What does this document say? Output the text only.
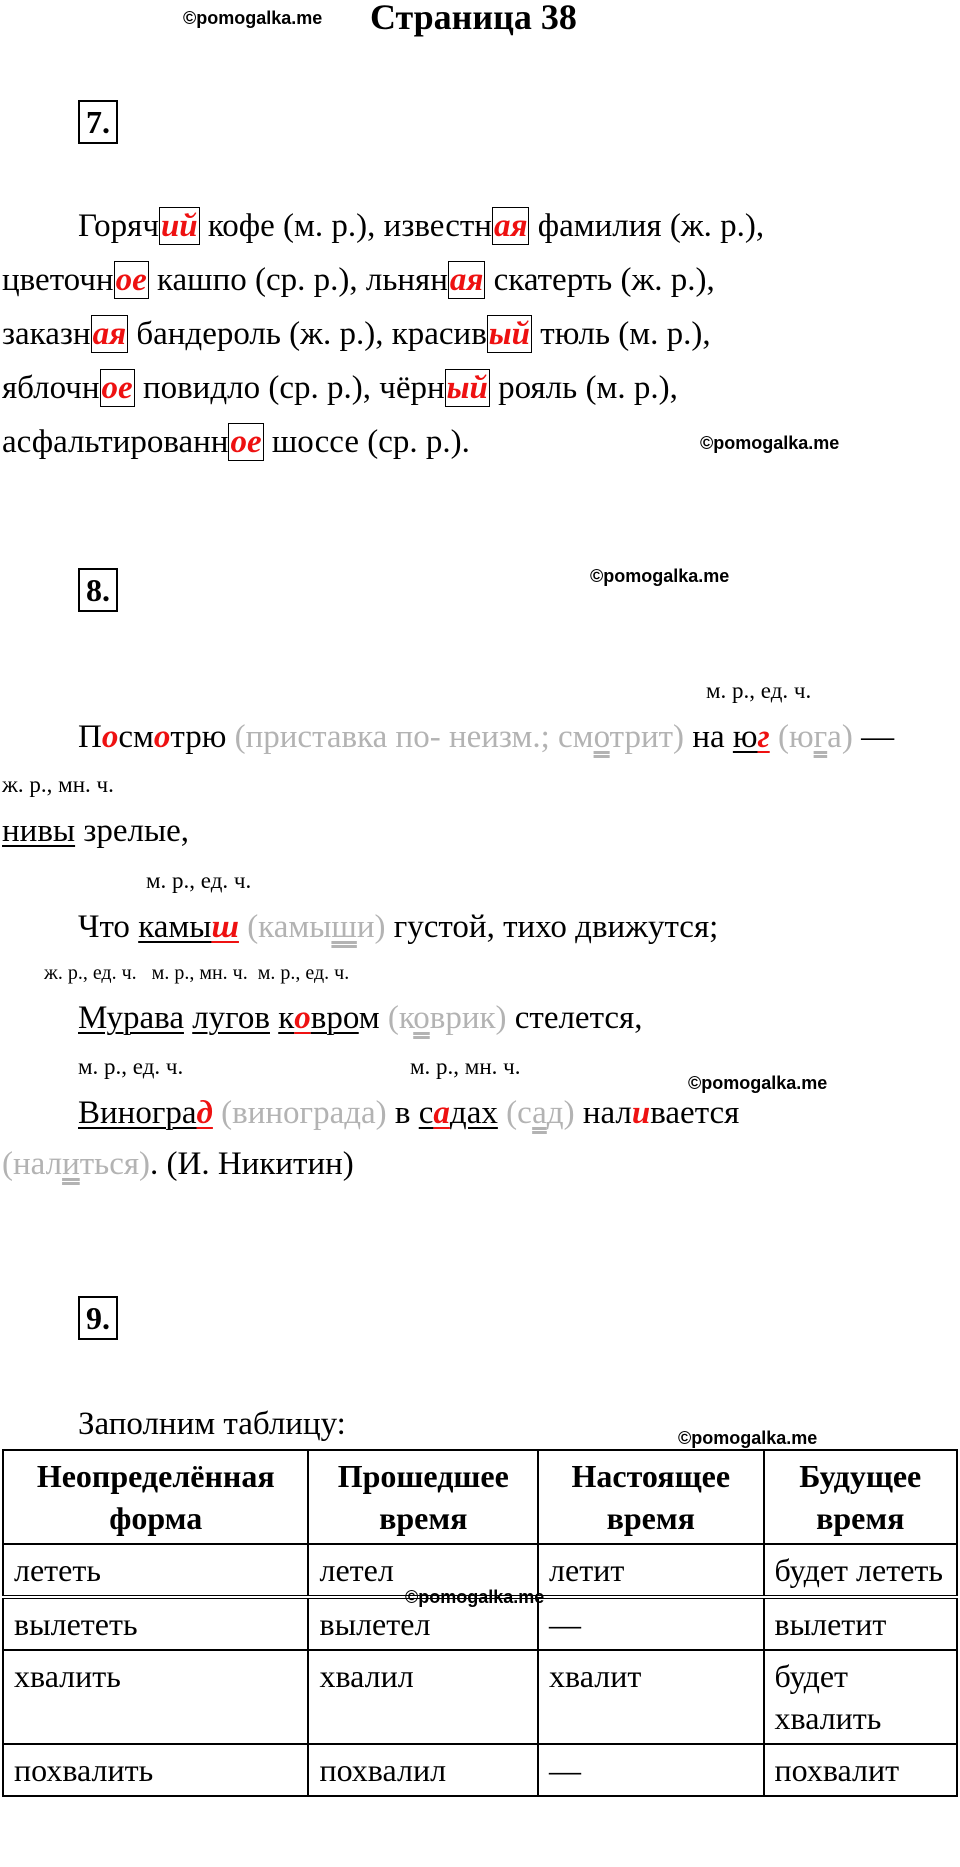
©pomogalka.me Страница 38
7.
©pomogalka.me
8.	©pomogalka.me
м. р., ед. ч.
Посмотрю (приставка по- неизм.; смотрит) на юг (юга) —
ж. р., мн. ч.
нивы зрелые,
м. р., ед. ч.
Что камыш (камыши) густой, тихо движутся;
ж. р., ед. ч.   м. р., мн. ч.  м. р., ед. ч.
Мурава лугов ковром (коврик) стелется,
м. р., ед. ч.	м. р., мн. ч.
©pomogalka.me
Виноград (винограда) в садах (сад) наливается
(налиться). (И. Никитин)
9.
Заполним таблицу:	©pomogalka.me
Неопределённая форма	Прошедшее время	Настоящее время	Будущее время
лететь	летел	летит	будет лететь
вылететь	вылетел	—	вылетит
хвалить	хвалил	хвалит	будет хвалить
похвалить	похвалил	—	похвалит
©pomogalka.me
Горячий кофе (м. р.), известная фамилия (ж. р.),
цветочное кашпо (ср. р.), льняная скатерть (ж. р.),
заказная бандероль (ж. р.), красивый тюль (м. р.),
яблочное повидло (ср. р.), чёрный рояль (м. р.),
асфальтированное шоссе (ср. р.).
